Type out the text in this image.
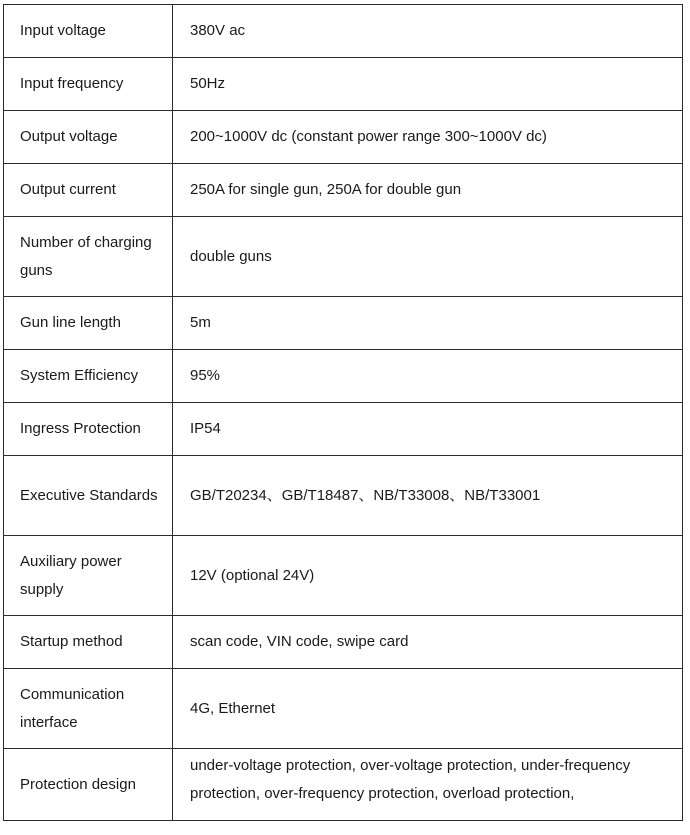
Input voltage	380V ac
Input frequency	50Hz
Output voltage	200~1000V dc (constant power range 300~1000V dc)
Output current	250A for single gun, 250A for double gun
Number of charging guns	double guns
Gun line length	5m
System Efficiency	95%
Ingress Protection	IP54
Executive Standards	GB/T20234、GB/T18487、NB/T33008、NB/T33001
Auxiliary power supply	12V (optional 24V)
Startup method	scan code, VIN code, swipe card
Communication interface	4G, Ethernet
Protection design	under-voltage protection, over-voltage protection, under-frequency protection, over-frequency protection, overload protection,
